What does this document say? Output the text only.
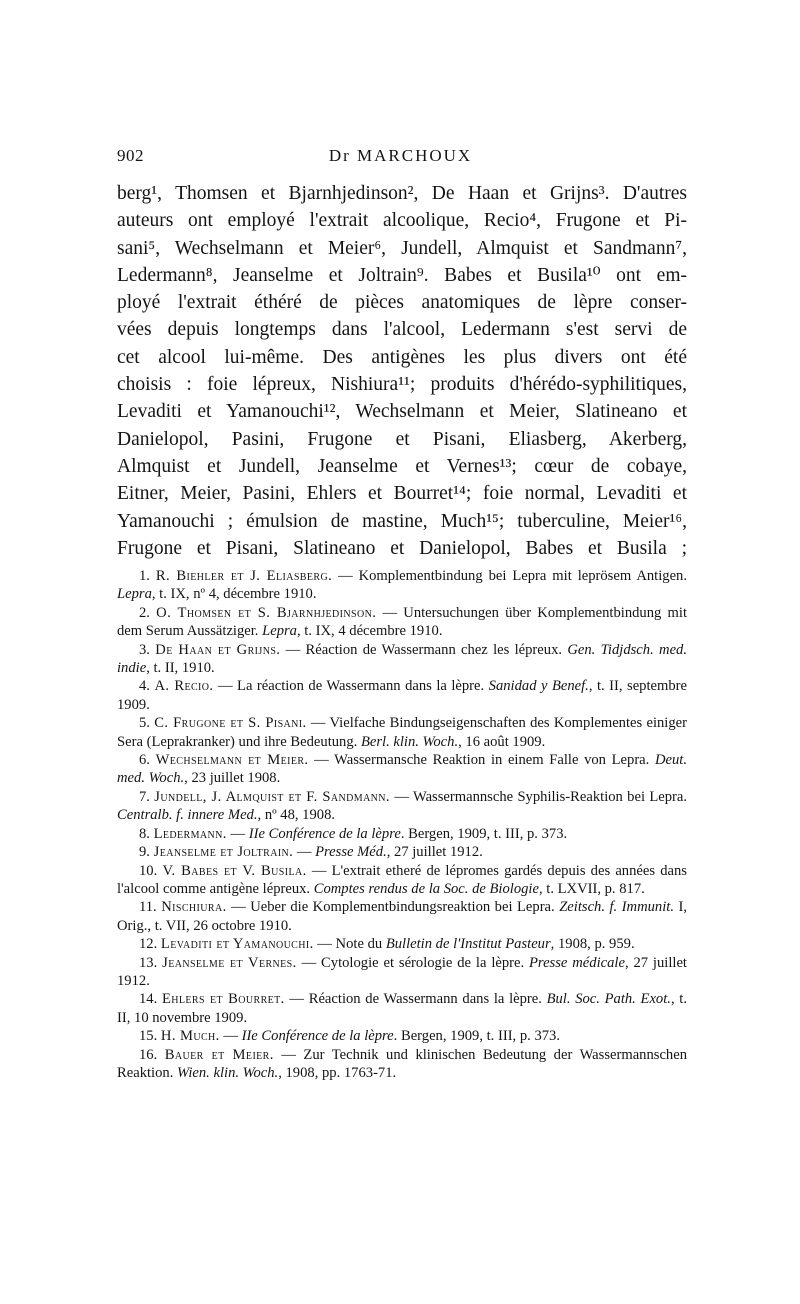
902	Dr MARCHOUX
berg¹, Thomsen et Bjarnhjedinson², De Haan et Grijns³. D'autres
auteurs ont employé l'extrait alcoolique, Recio⁴, Frugone et Pi-
sani⁵, Wechselmann et Meier⁶, Jundell, Almquist et Sandmann⁷,
Ledermann⁸, Jeanselme et Joltrain⁹. Babes et Busila¹⁰ ont em-
ployé l'extrait éthéré de pièces anatomiques de lèpre conser-
vées depuis longtemps dans l'alcool, Ledermann s'est servi de
cet alcool lui-même. Des antigènes les plus divers ont été
choisis : foie lépreux, Nishiura¹¹; produits d'hérédo-syphilitiques,
Levaditi et Yamanouchi¹², Wechselmann et Meier, Slatineano et
Danielopol, Pasini, Frugone et Pisani, Eliasberg, Akerberg,
Almquist et Jundell, Jeanselme et Vernes¹³; cœur de cobaye,
Eitner, Meier, Pasini, Ehlers et Bourret¹⁴; foie normal, Levaditi et
Yamanouchi ; émulsion de mastine, Much¹⁵; tuberculine, Meier¹⁶,
Frugone et Pisani, Slatineano et Danielopol, Babes et Busila ;

1. R. Biehler et J. Eliasberg. — Komplementbindung bei Lepra mit leprösem Antigen. Lepra, t. IX, nº 4, décembre 1910.

2. O. Thomsen et S. Bjarnhjedinson. — Untersuchungen über Komplementbindung mit dem Serum Aussätziger. Lepra, t. IX, 4 décembre 1910.

3. De Haan et Grijns. — Réaction de Wassermann chez les lépreux. Gen. Tidjdsch. med. indie, t. II, 1910.

4. A. Recio. — La réaction de Wassermann dans la lèpre. Sanidad y Benef., t. II, septembre 1909.

5. C. Frugone et S. Pisani. — Vielfache Bindungseigenschaften des Komplementes einiger Sera (Leprakranker) und ihre Bedeutung. Berl. klin. Woch., 16 août 1909.

6. Wechselmann et Meier. — Wassermansche Reaktion in einem Falle von Lepra. Deut. med. Woch., 23 juillet 1908.

7. Jundell, J. Almquist et F. Sandmann. — Wassermannsche Syphilis-Reaktion bei Lepra. Centralb. f. innere Med., nº 48, 1908.

8. Ledermann. — IIe Conférence de la lèpre. Bergen, 1909, t. III, p. 373.

9. Jeanselme et Joltrain. — Presse Méd., 27 juillet 1912.

10. V. Babes et V. Busila. — L'extrait etheré de lépromes gardés depuis des années dans l'alcool comme antigène lépreux. Comptes rendus de la Soc. de Biologie, t. LXVII, p. 817.

11. Nischiura. — Ueber die Komplementbindungsreaktion bei Lepra. Zeitsch. f. Immunit. I, Orig., t. VII, 26 octobre 1910.

12. Levaditi et Yamanouchi. — Note du Bulletin de l'Institut Pasteur, 1908, p. 959.

13. Jeanselme et Vernes. — Cytologie et sérologie de la lèpre. Presse médicale, 27 juillet 1912.

14. Ehlers et Bourret. — Réaction de Wassermann dans la lèpre. Bul. Soc. Path. Exot., t. II, 10 novembre 1909.

15. H. Much. — IIe Conférence de la lèpre. Bergen, 1909, t. III, p. 373.

16. Bauer et Meier. — Zur Technik und klinischen Bedeutung der Wassermannschen Reaktion. Wien. klin. Woch., 1908, pp. 1763-71.
